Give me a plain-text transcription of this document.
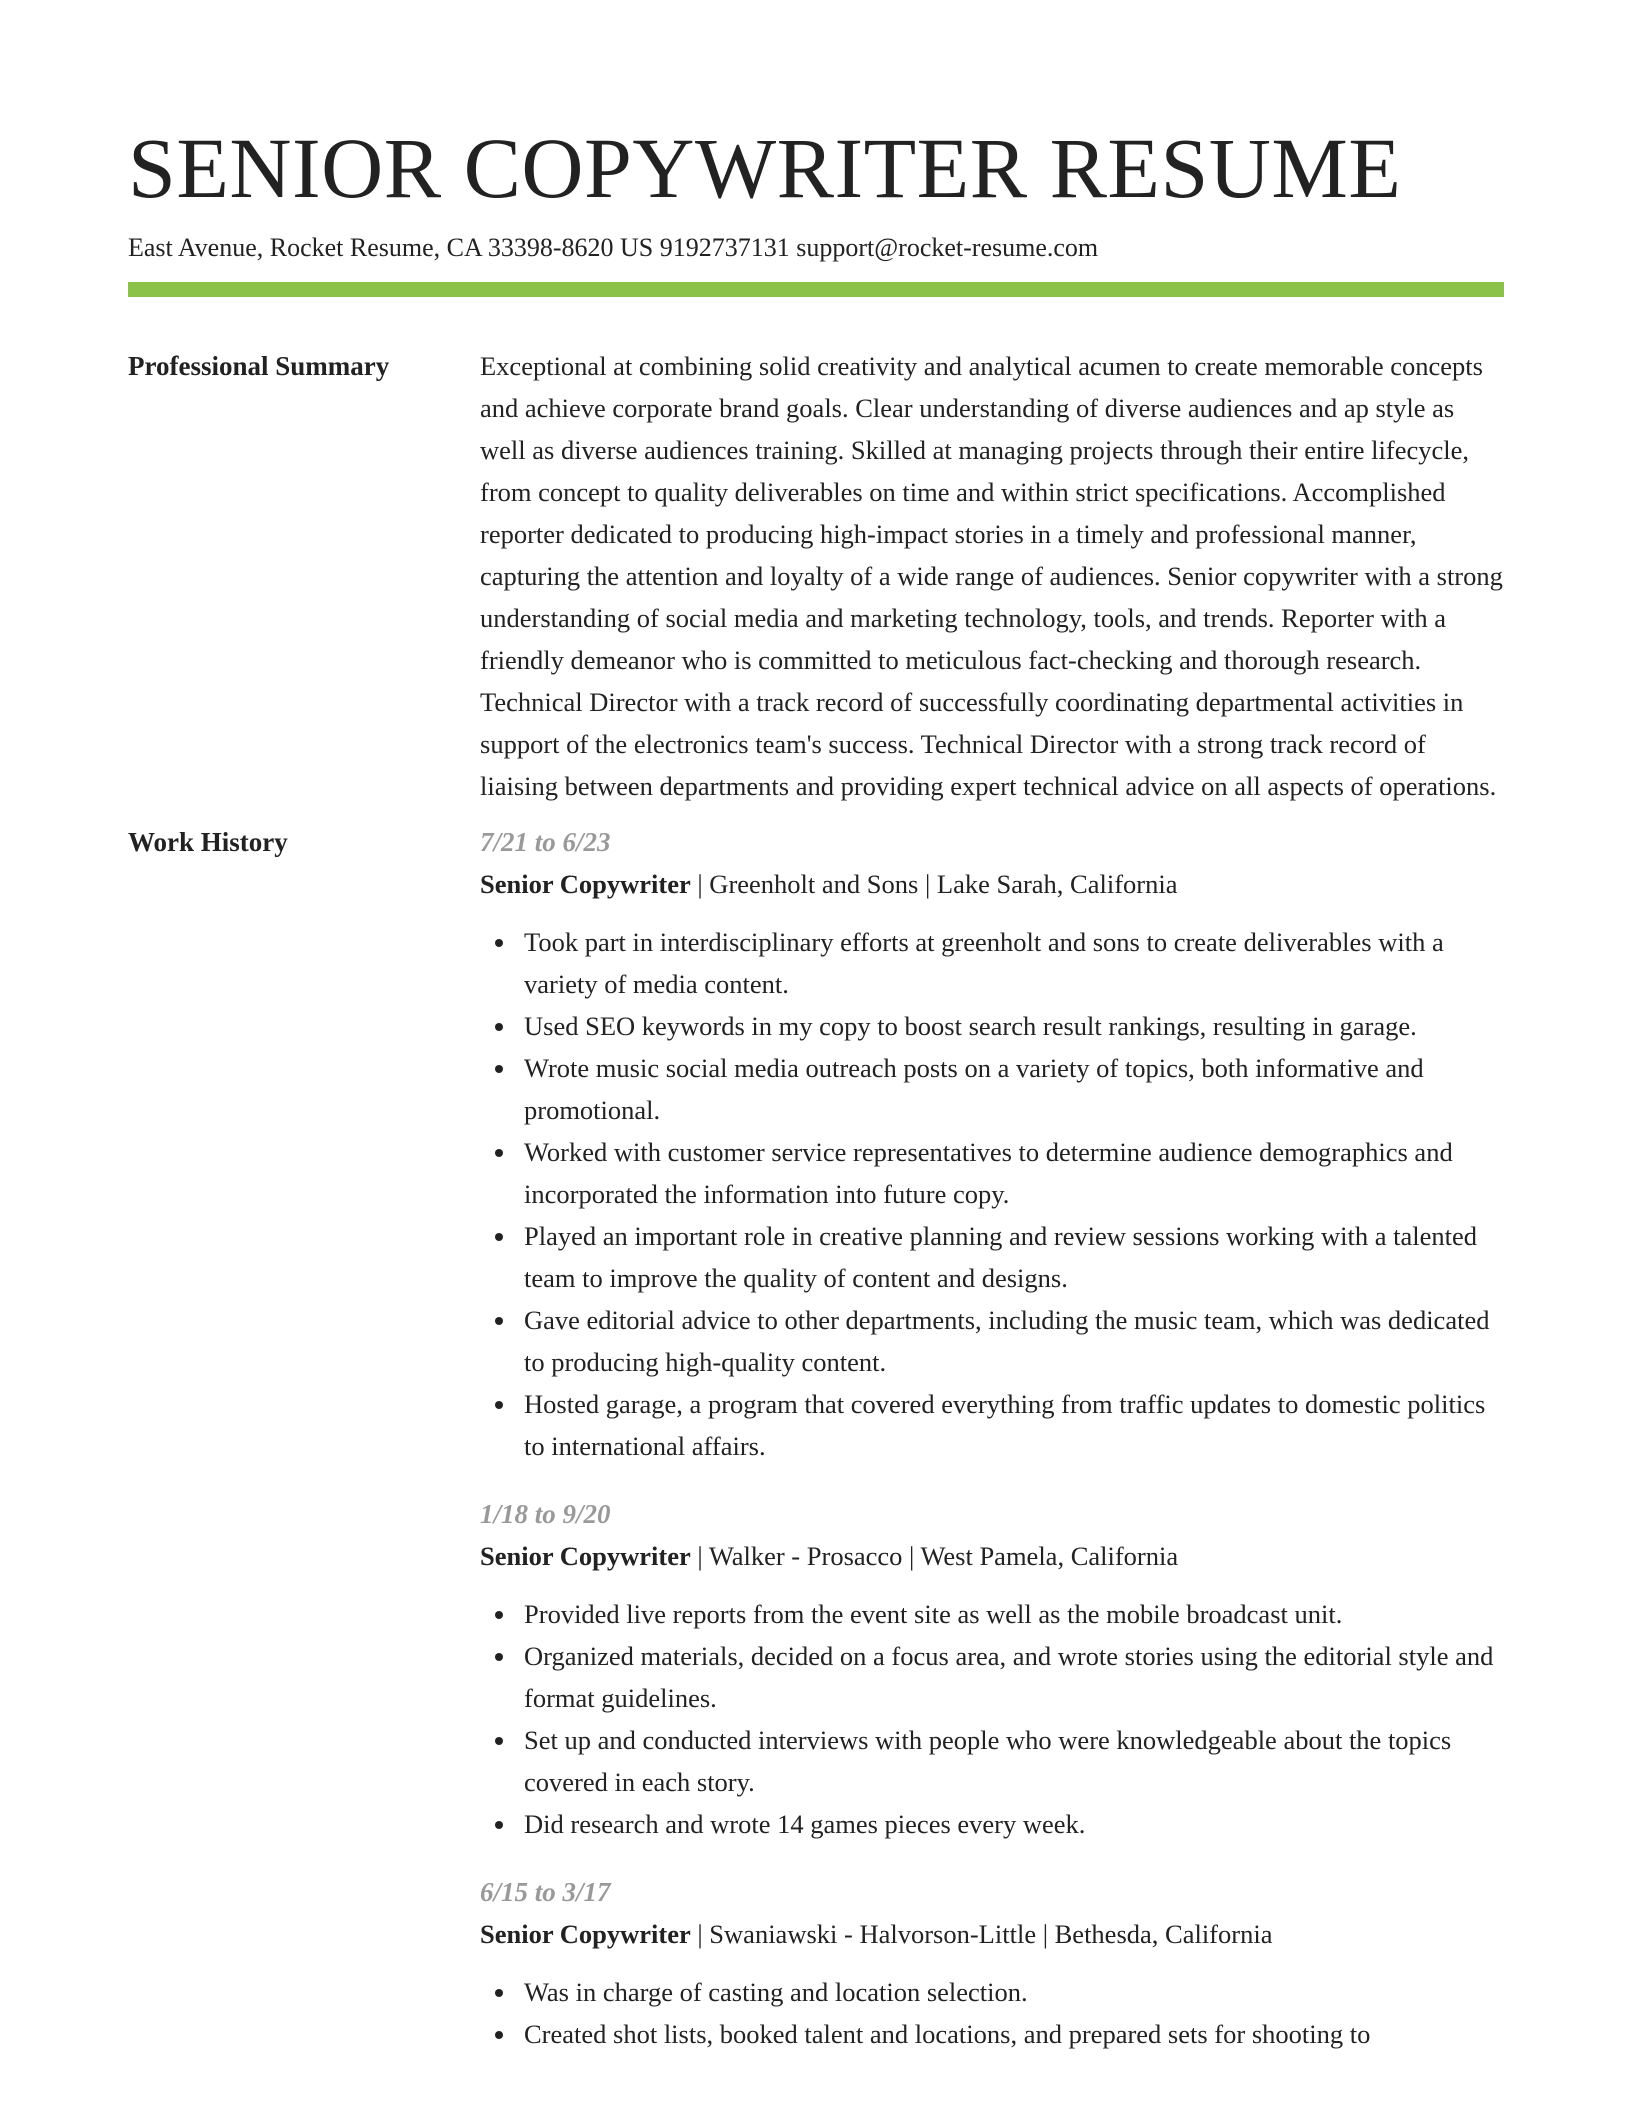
SENIOR COPYWRITER RESUME
East Avenue, Rocket Resume, CA 33398-8620 US 9192737131 support@rocket-resume.com
Professional Summary	Exceptional at combining solid creativity and analytical acumen to create memorable concepts and achieve corporate brand goals. Clear understanding of diverse audiences and ap style as well as diverse audiences training. Skilled at managing projects through their entire lifecycle, from concept to quality deliverables on time and within strict specifications. Accomplished reporter dedicated to producing high-impact stories in a timely and professional manner, capturing the attention and loyalty of a wide range of audiences. Senior copywriter with a strong understanding of social media and marketing technology, tools, and trends. Reporter with a friendly demeanor who is committed to meticulous fact-checking and thorough research. Technical Director with a track record of successfully coordinating departmental activities in support of the electronics team's success. Technical Director with a strong track record of liaising between departments and providing expert technical advice on all aspects of operations.
Work History	7/21 to 6/23
Senior Copywriter | Greenholt and Sons | Lake Sarah, California
Took part in interdisciplinary efforts at greenholt and sons to create deliverables with a variety of media content.
Used SEO keywords in my copy to boost search result rankings, resulting in garage.
Wrote music social media outreach posts on a variety of topics, both informative and promotional.
Worked with customer service representatives to determine audience demographics and incorporated the information into future copy.
Played an important role in creative planning and review sessions working with a talented team to improve the quality of content and designs.
Gave editorial advice to other departments, including the music team, which was dedicated to producing high-quality content.
Hosted garage, a program that covered everything from traffic updates to domestic politics to international affairs.
1/18 to 9/20
Senior Copywriter | Walker - Prosacco | West Pamela, California
Provided live reports from the event site as well as the mobile broadcast unit.
Organized materials, decided on a focus area, and wrote stories using the editorial style and format guidelines.
Set up and conducted interviews with people who were knowledgeable about the topics covered in each story.
Did research and wrote 14 games pieces every week.
6/15 to 3/17
Senior Copywriter | Swaniawski - Halvorson-Little | Bethesda, California
Was in charge of casting and location selection.
Created shot lists, booked talent and locations, and prepared sets for shooting to
